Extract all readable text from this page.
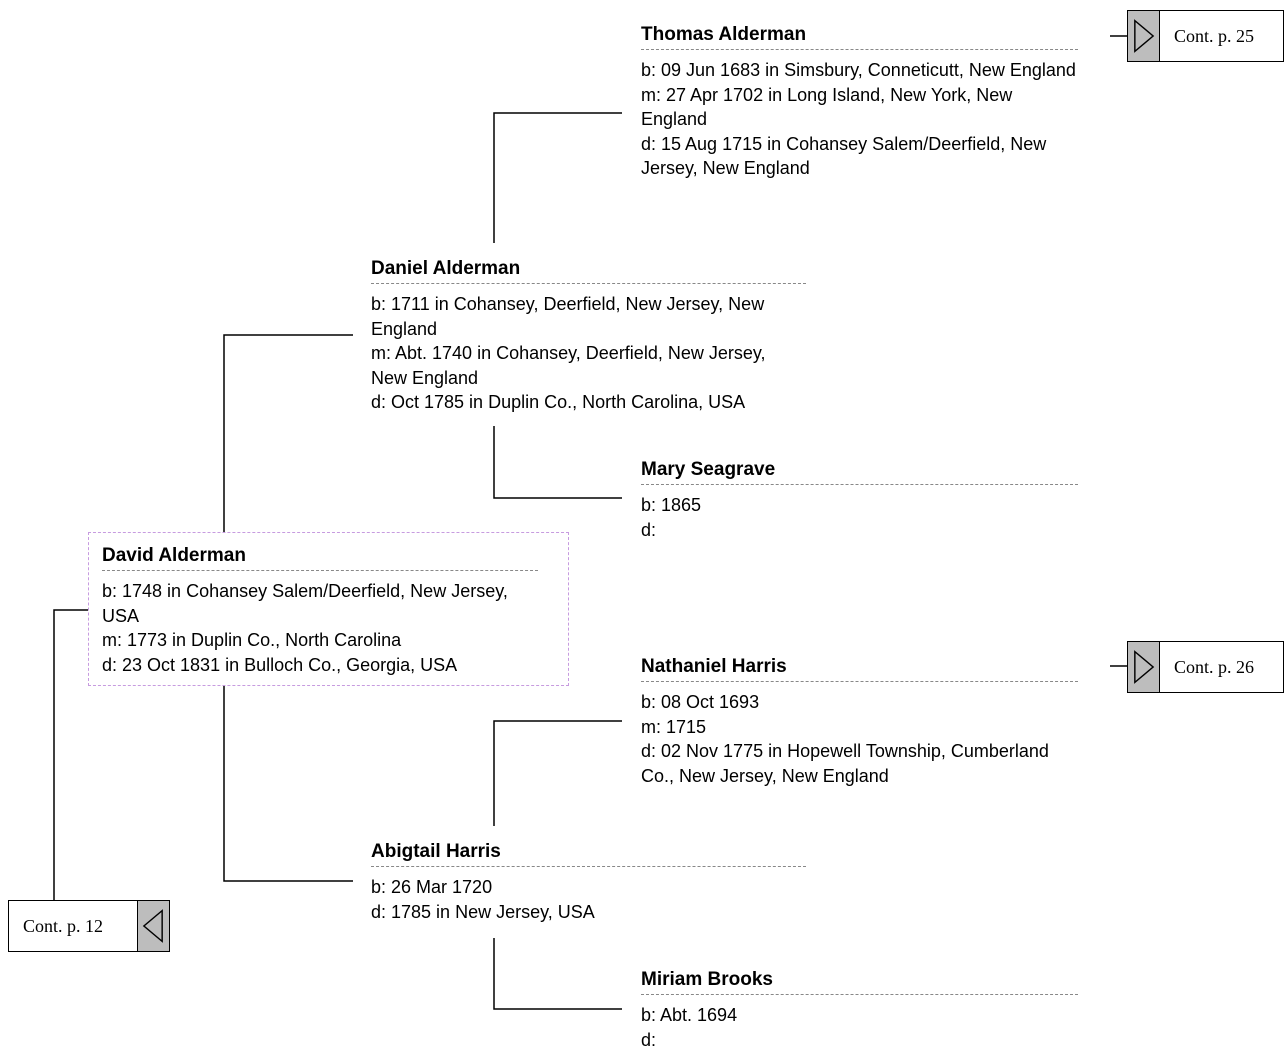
Thomas Alderman
b: 09 Jun 1683 in Simsbury, Conneticutt, New England
m: 27 Apr 1702 in Long Island, New York, New England
d: 15 Aug 1715 in Cohansey Salem/Deerfield, New Jersey, New England
Daniel Alderman
b: 1711 in Cohansey, Deerfield, New Jersey, New England
m: Abt. 1740 in Cohansey, Deerfield, New Jersey, New England
d: Oct 1785 in Duplin Co., North Carolina, USA
Mary Seagrave
b: 1865
d:
David Alderman
b: 1748 in Cohansey Salem/Deerfield, New Jersey, USA
m: 1773 in Duplin Co., North Carolina
d: 23 Oct 1831 in Bulloch Co., Georgia, USA	Nathaniel Harris
b: 08 Oct 1693
m: 1715
d: 02 Nov 1775 in Hopewell Township, Cumberland Co., New Jersey, New England
Abigtail Harris
b: 26 Mar 1720
d: 1785 in New Jersey, USA
Miriam Brooks
b: Abt. 1694
d:
Cont. p. 25
Cont. p. 26
Cont. p. 12
